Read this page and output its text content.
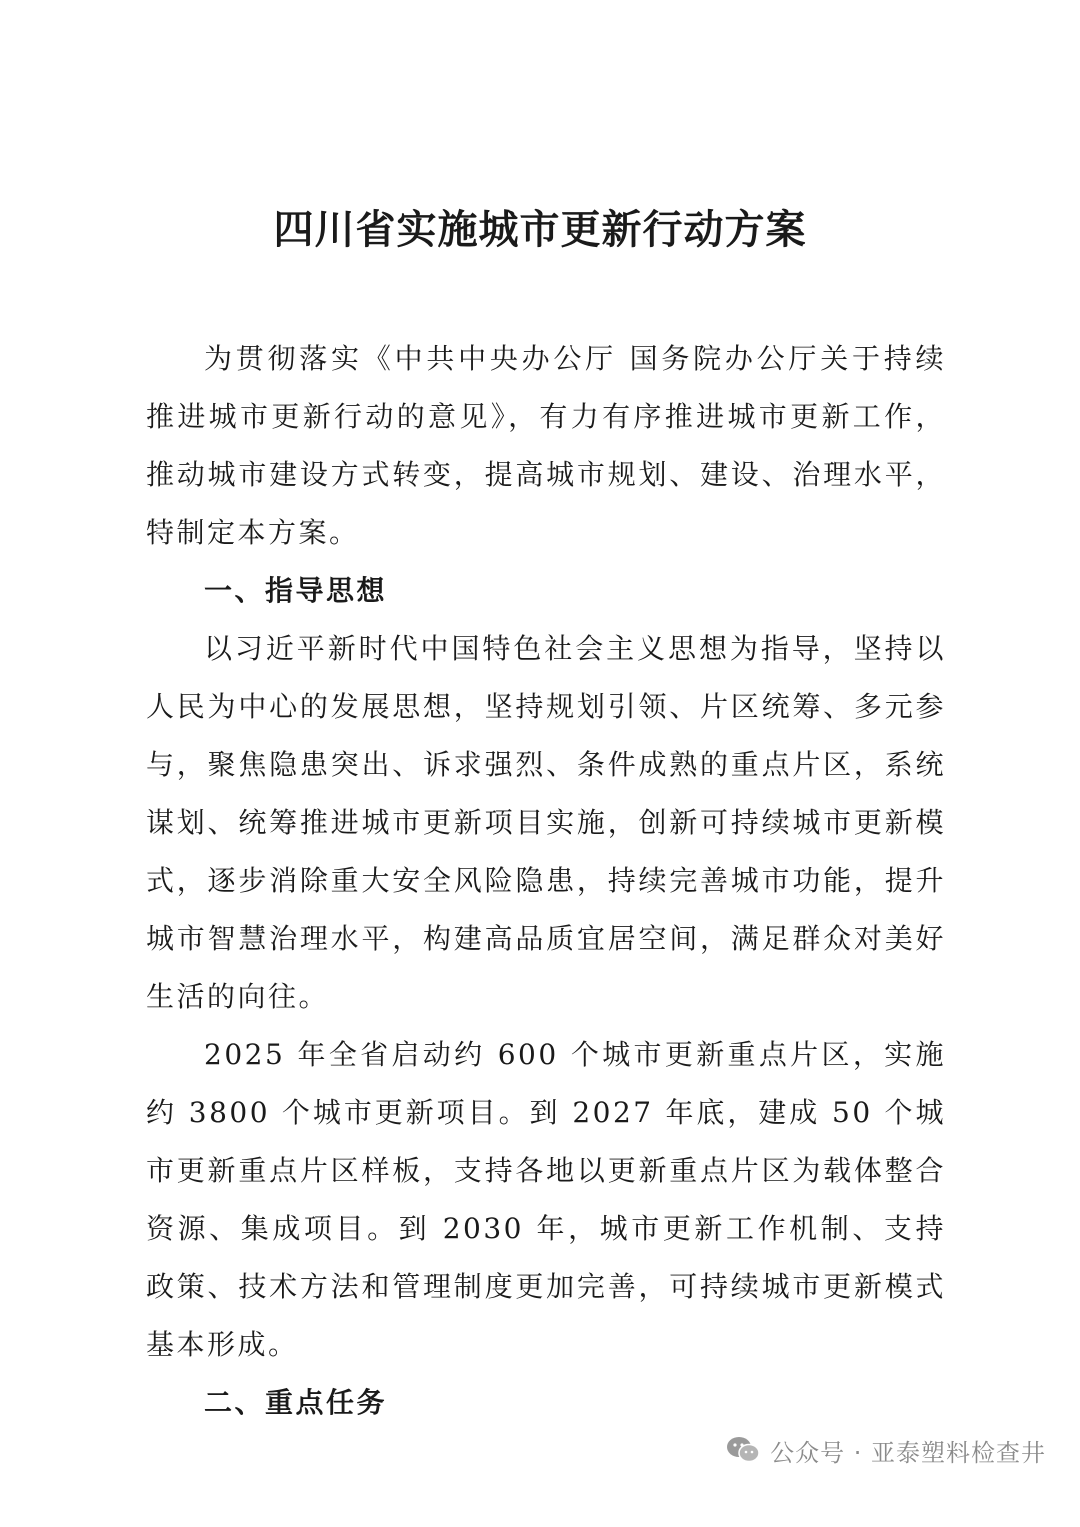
四川省实施城市更新行动方案

为贯彻落实《中共中央办公厅 国务院办公厅关于持续推进城市更新行动的意见》，有力有序推进城市更新工作，推动城市建设方式转变，提高城市规划、建设、治理水平，特制定本方案。

一、指导思想

以习近平新时代中国特色社会主义思想为指导，坚持以人民为中心的发展思想，坚持规划引领、片区统筹、多元参与，聚焦隐患突出、诉求强烈、条件成熟的重点片区，系统谋划、统筹推进城市更新项目实施，创新可持续城市更新模式，逐步消除重大安全风险隐患，持续完善城市功能，提升城市智慧治理水平，构建高品质宜居空间，满足群众对美好生活的向往。

2025 年全省启动约 600 个城市更新重点片区，实施约 3800 个城市更新项目。到 2027 年底，建成 50 个城市更新重点片区样板，支持各地以更新重点片区为载体整合资源、集成项目。到 2030 年，城市更新工作机制、支持政策、技术方法和管理制度更加完善，可持续城市更新模式基本形成。

二、重点任务
公众号 · 亚泰塑料检查井
